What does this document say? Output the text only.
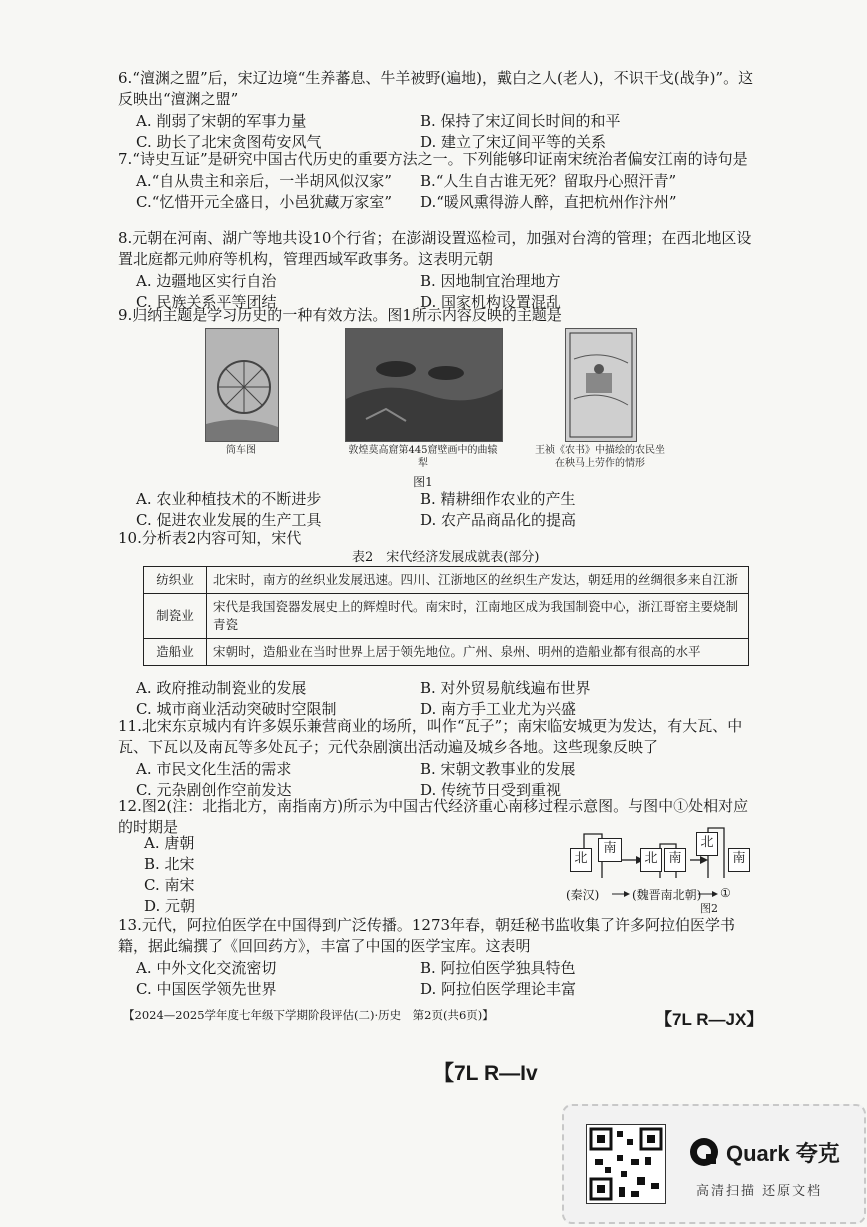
6.“澶渊之盟”后，宋辽边境“生养蕃息、牛羊被野(遍地)，戴白之人(老人)，不识干戈(战争)”。这反映出“澶渊之盟”
A. 削弱了宋朝的军事力量	B. 保持了宋辽间长时间的和平
C. 助长了北宋贪图苟安风气	D. 建立了宋辽间平等的关系
7.“诗史互证”是研究中国古代历史的重要方法之一。下列能够印证南宋统治者偏安江南的诗句是
A.“自从贵主和亲后，一半胡风似汉家” B.“人生自古谁无死？留取丹心照汗青”
C.“忆惜开元全盛日，小邑犹藏万家室” D.“暖风熏得游人醉，直把杭州作汴州”
8.元朝在河南、湖广等地共设10个行省；在澎湖设置巡检司，加强对台湾的管理；在西北地区设置北庭都元帅府等机构，管理西域军政事务。这表明元朝
A. 边疆地区实行自治	B. 因地制宜治理地方
C. 民族关系平等团结	D. 国家机构设置混乱
9.归纳主题是学习历史的一种有效方法。图1所示内容反映的主题是
筒车图	敦煌莫高窟第445窟壁画中的曲辕犁
王祯《农书》中描绘的农民坐在秧马上劳作的情形
图1
A. 农业种植技术的不断进步	B. 精耕细作农业的产生
C. 促进农业发展的生产工具	D. 农产品商品化的提高
10.分析表2内容可知，宋代
表2　宋代经济发展成就表(部分)
纺织业	北宋时，南方的丝织业发展迅速。四川、江浙地区的丝织生产发达，朝廷用的丝绸很多来自江浙
制瓷业	宋代是我国瓷器发展史上的辉煌时代。南宋时，江南地区成为我国制瓷中心，浙江哥窑主要烧制青瓷
造船业	宋朝时，造船业在当时世界上居于领先地位。广州、泉州、明州的造船业都有很高的水平
A. 政府推动制瓷业的发展	B. 对外贸易航线遍布世界
C. 城市商业活动突破时空限制	D. 南方手工业尤为兴盛
11.北宋东京城内有许多娱乐兼营商业的场所，叫作“瓦子”；南宋临安城更为发达，有大瓦、中瓦、下瓦以及南瓦等多处瓦子；元代杂剧演出活动遍及城乡各地。这些现象反映了
A. 市民文化生活的需求	B. 宋朝文教事业的发展
C. 元杂剧创作空前发达	D. 传统节日受到重视
12.图2(注：北指北方，南指南方)所示为中国古代经济重心南移过程示意图。与图中①处相对应的时期是
A. 唐朝
B. 北宋
C. 南宋
D. 元朝
北
南
北 南
北
南
(秦汉)	(魏晋南北朝) ①
图2
13.元代，阿拉伯医学在中国得到广泛传播。1273年春，朝廷秘书监收集了许多阿拉伯医学书籍，据此编撰了《回回药方》，丰富了中国的医学宝库。这表明
A. 中外文化交流密切	B. 阿拉伯医学独具特色
C. 中国医学领先世界	D. 阿拉伯医学理论丰富
【2024—2025学年度七年级下学期阶段评估(二)·历史　第2页(共6页)】	【7L R—JX】
【7L R—Iv
Quark 夸克
高清扫描 还原文档
